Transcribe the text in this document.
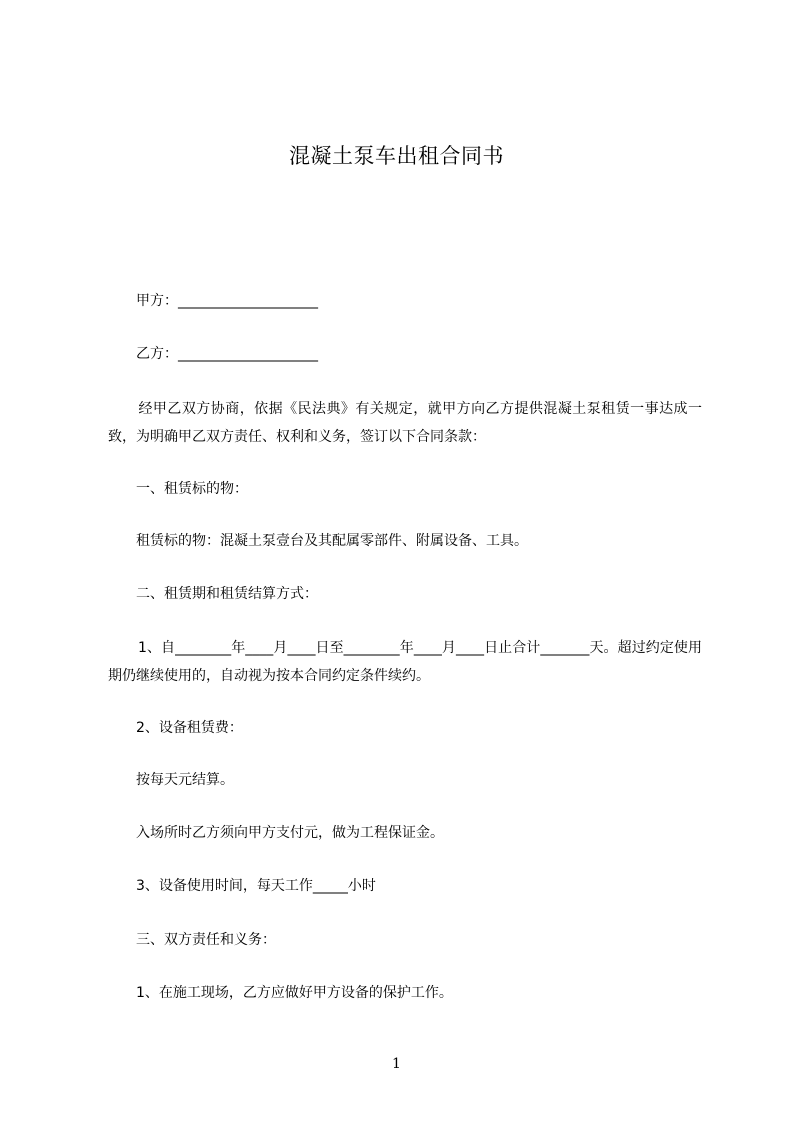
混凝土泵车出租合同书
甲方：____________________
乙方：____________________
经甲乙双方协商，依据《民法典》有关规定，就甲方向乙方提供混凝土泵租赁一事达成一致，为明确甲乙双方责任、权利和义务，签订以下合同条款：
一、租赁标的物：
租赁标的物：混凝土泵壹台及其配属零部件、附属设备、工具。
二、租赁期和租赁结算方式：
1、自________年____月____日至________年____月____日止合计_______天。超过约定使用期仍继续使用的，自动视为按本合同约定条件续约。
2、设备租赁费：
按每天元结算。
入场所时乙方须向甲方支付元，做为工程保证金。
3、设备使用时间，每天工作_____小时
三、双方责任和义务：
1、在施工现场，乙方应做好甲方设备的保护工作。
1
